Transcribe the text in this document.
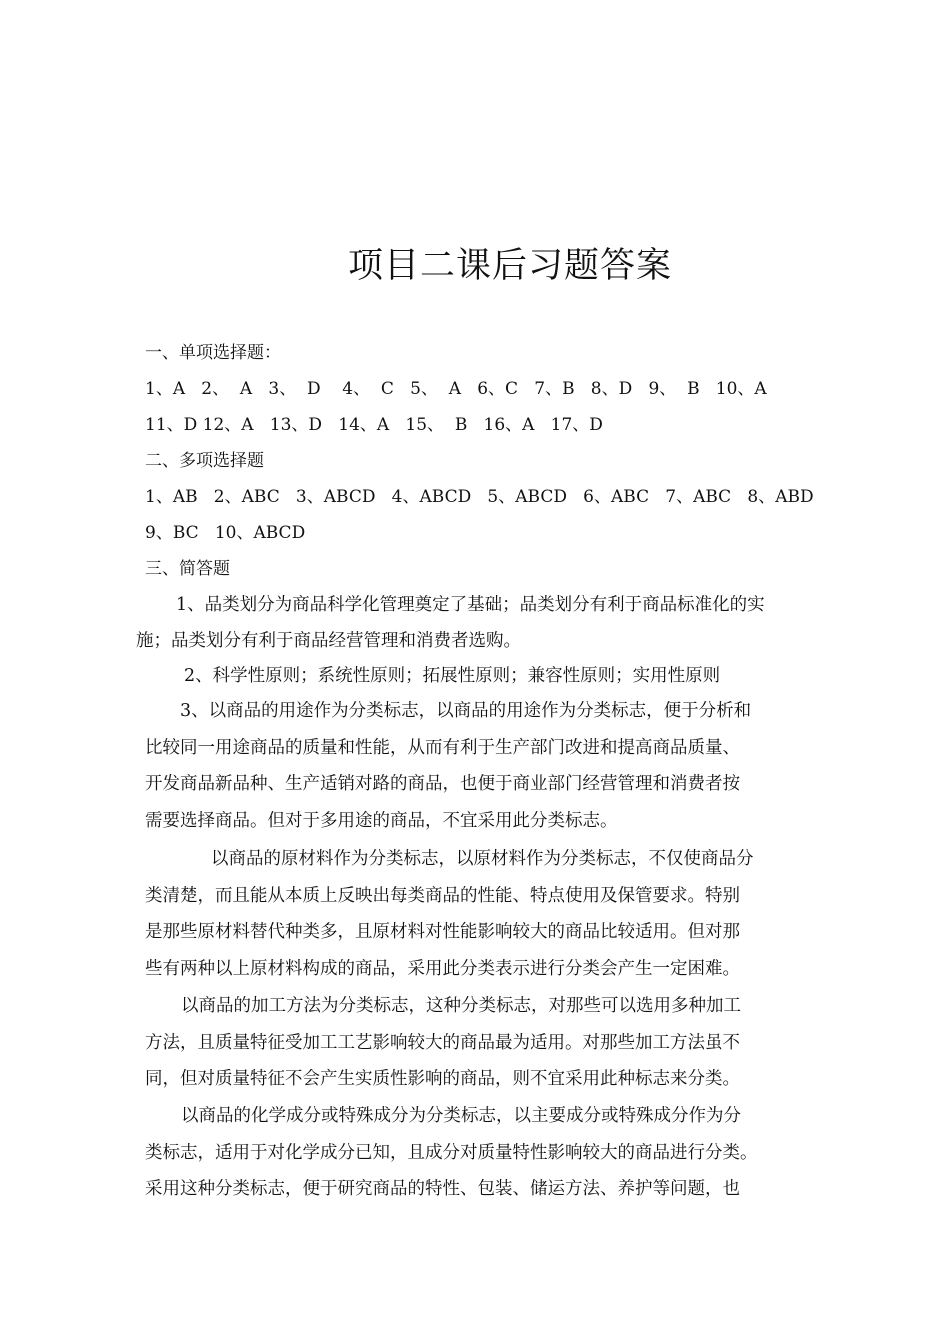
项目二课后习题答案
一、单项选择题：
1、A   2、  A   3、  D    4、  C   5、  A   6、C   7、B   8、D   9、  B   10、A
11、D 12、A   13、D   14、A   15、  B   16、A   17、D
二、多项选择题
1、AB   2、ABC   3、ABCD   4、ABCD   5、ABCD   6、ABC   7、ABC   8、ABD
9、BC   10、ABCD
三、简答题
1、品类划分为商品科学化管理奠定了基础；品类划分有利于商品标准化的实
施；品类划分有利于商品经营管理和消费者选购。
2、科学性原则；系统性原则；拓展性原则；兼容性原则；实用性原则
3、以商品的用途作为分类标志，以商品的用途作为分类标志，便于分析和
比较同一用途商品的质量和性能，从而有利于生产部门改进和提高商品质量、
开发商品新品种、生产适销对路的商品，也便于商业部门经营管理和消费者按
需要选择商品。但对于多用途的商品，不宜采用此分类标志。
以商品的原材料作为分类标志，以原材料作为分类标志，不仅使商品分
类清楚，而且能从本质上反映出每类商品的性能、特点使用及保管要求。特别
是那些原材料替代种类多，且原材料对性能影响较大的商品比较适用。但对那
些有两种以上原材料构成的商品，采用此分类表示进行分类会产生一定困难。
以商品的加工方法为分类标志，这种分类标志，对那些可以选用多种加工
方法，且质量特征受加工工艺影响较大的商品最为适用。对那些加工方法虽不
同，但对质量特征不会产生实质性影响的商品，则不宜采用此种标志来分类。
以商品的化学成分或特殊成分为分类标志，以主要成分或特殊成分作为分
类标志，适用于对化学成分已知，且成分对质量特性影响较大的商品进行分类。
采用这种分类标志，便于研究商品的特性、包装、储运方法、养护等问题，也
